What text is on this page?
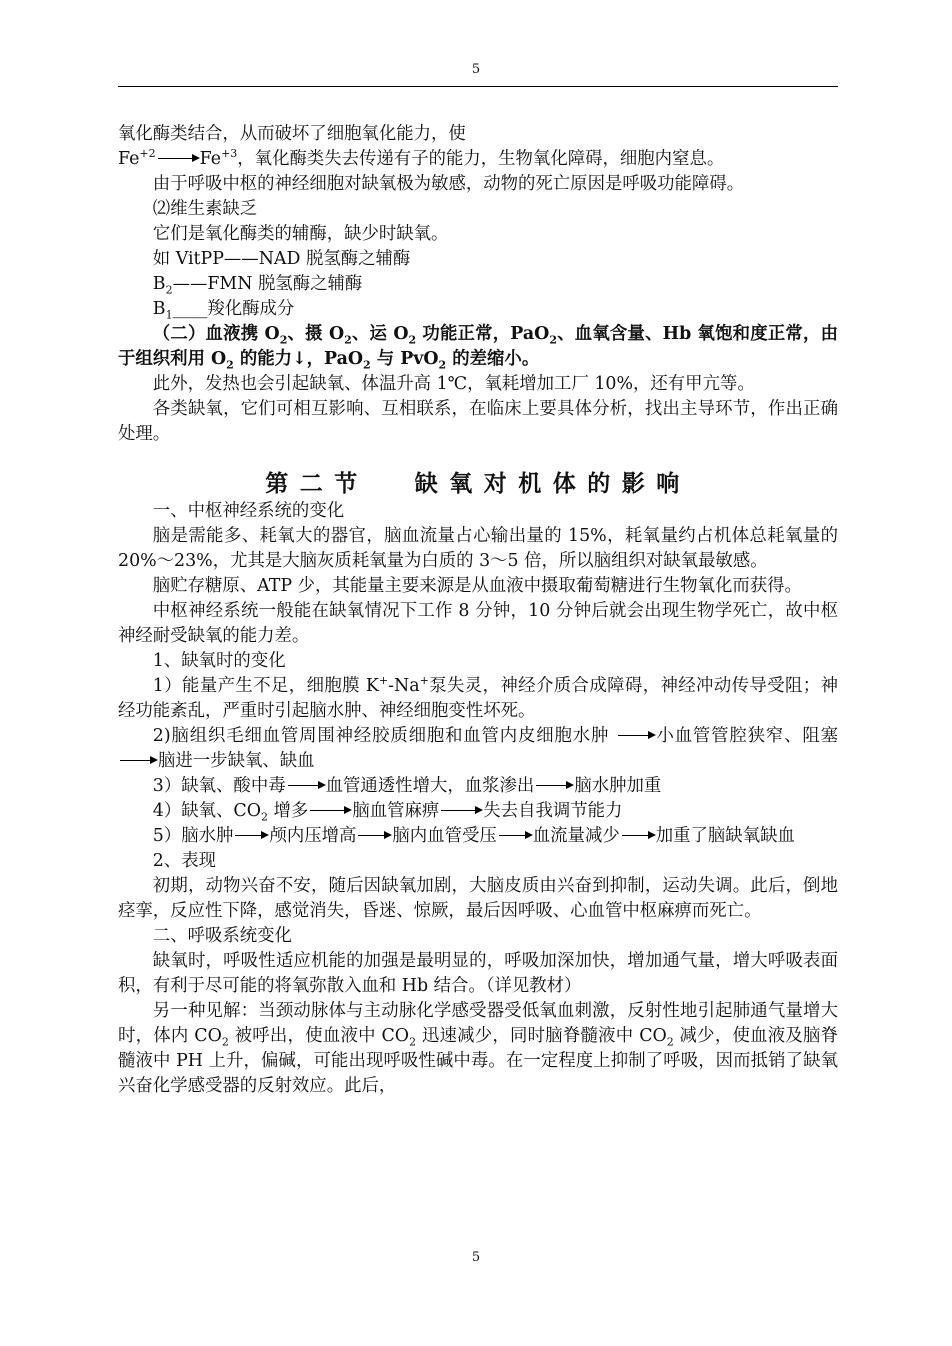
5

氧化酶类结合，从而破坏了细胞氧化能力，使

$Fe^{+2}$	$Fe^{+3}$，氧化酶类失去传递有子的能力，生物氧化障碍，细胞内窒息。

由于呼吸中枢的神经细胞对缺氧极为敏感，动物的死亡原因是呼吸功能障碍。

⑵维生素缺乏

它们是氧化酶类的辅酶，缺少时缺氧。

如 VitPP——NAD 脱氢酶之辅酶

$B_2——FMN$ 脱氢酶之辅酶

$B_1\_\_\_\_$羧化酶成分

（二）血液携 $O_2$、摄 $O_2$、运 $O_2$ 功能正常，PaO$_2$、血氧含量、Hb 氧饱和度正常，由于组织利用 $O_2$ 的能力↓，PaO$_2$ 与 PvO$_2$ 的差缩小。

此外，发热也会引起缺氧、体温升高 1℃，氧耗增加工厂 10%，还有甲亢等。

各类缺氧，它们可相互影响、互相联系，在临床上要具体分析，找出主导环节，作出正确处理。

第二节 缺氧对机体的影响

一、中枢神经系统的变化

脑是需能多、耗氧大的器官，脑血流量占心输出量的 15%，耗氧量约占机体总耗氧量的 20%～23%，尤其是大脑灰质耗氧量为白质的 3～5 倍，所以脑组织对缺氧最敏感。

脑贮存糖原、ATP 少，其能量主要来源是从血液中摄取葡萄糖进行生物氧化而获得。

中枢神经系统一般能在缺氧情况下工作 8 分钟，10 分钟后就会出现生物学死亡，故中枢神经耐受缺氧的能力差。

1、缺氧时的变化

1）能量产生不足，细胞膜 K+-Na+泵失灵，神经介质合成障碍，神经冲动传导受阻；神经功能紊乱，严重时引起脑水肿、神经细胞变性坏死。

2)脑组织毛细血管周围神经胶质细胞和血管内皮细胞水肿	小血管管腔狭窄、阻塞脑进一步缺氧、缺血

3）缺氧、酸中毒 血管通透性增大，血浆渗出 脑水肿加重

4）缺氧、$CO_2$ 增多	脑血管麻痹	失去自我调节能力

5）脑水肿 颅内压增高 脑内血管受压 血流量减少 加重了脑缺氧缺血

2、表现

初期，动物兴奋不安，随后因缺氧加剧，大脑皮质由兴奋到抑制，运动失调。此后，倒地痉挛，反应性下降，感觉消失，昏迷、惊厥，最后因呼吸、心血管中枢麻痹而死亡。

二、呼吸系统变化

缺氧时，呼吸性适应机能的加强是最明显的，呼吸加深加快，增加通气量，增大呼吸表面积，有利于尽可能的将氧弥散入血和 Hb 结合。（详见教材）

另一种见解：当颈动脉体与主动脉化学感受器受低氧血刺激，反射性地引起肺通气量增大时，体内 $CO_2$ 被呼出，使血液中 $CO_2$ 迅速减少，同时脑脊髓液中 $CO_2$ 减少，使血液及脑脊髓液中 PH 上升，偏碱，可能出现呼吸性碱中毒。在一定程度上抑制了呼吸，因而抵销了缺氧兴奋化学感受器的反射效应。此后，

5
